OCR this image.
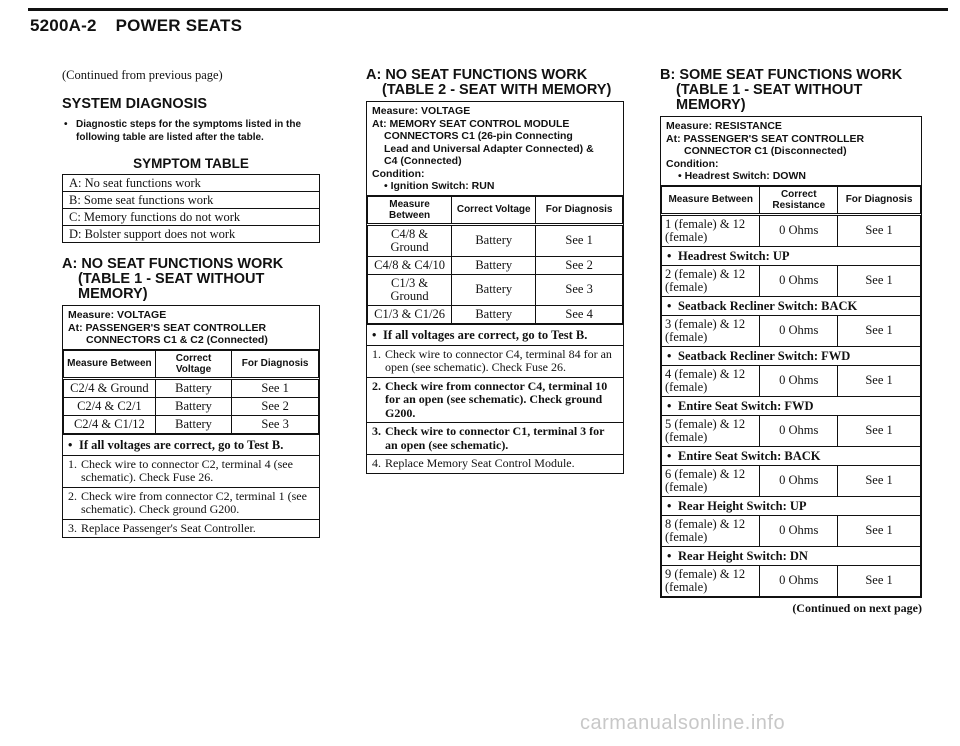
5200A-2 POWER SEATS
(Continued from previous page)
SYSTEM DIAGNOSIS
• Diagnostic steps for the symptoms listed in the following table are listed after the table.
SYMPTOM TABLE
A: No seat functions work
B: Some seat functions work
C: Memory functions do not work
D: Bolster support does not work
A: NO SEAT FUNCTIONS WORK
(TABLE 1 - SEAT WITHOUT
MEMORY)
Measure: VOLTAGE
At: PASSENGER'S SEAT CONTROLLER
CONNECTORS C1 & C2 (Connected)
Measure Between	Correct Voltage	For Diagnosis
C2/4 & Ground	Battery	See 1
C2/4 & C2/1	Battery	See 2
C2/4 & C1/12	Battery	See 3
• If all voltages are correct, go to Test B.
1. Check wire to connector C2, terminal 4 (see schematic). Check Fuse 26.
2. Check wire from connector C2, terminal 1 (see schematic). Check ground G200.
3. Replace Passenger's Seat Controller.
A: NO SEAT FUNCTIONS WORK
(TABLE 2 - SEAT WITH MEMORY)
Measure: VOLTAGE
At: MEMORY SEAT CONTROL MODULE
CONNECTORS C1 (26-pin Connecting
Lead and Universal Adapter Connected) &
C4 (Connected)
Condition:
• Ignition Switch: RUN
Measure Between	Correct Voltage	For Diagnosis
C4/8 & Ground	Battery	See 1
C4/8 & C4/10	Battery	See 2
C1/3 & Ground	Battery	See 3
C1/3 & C1/26	Battery	See 4
• If all voltages are correct, go to Test B.
1. Check wire to connector C4, terminal 84 for an open (see schematic). Check Fuse 26.
2. Check wire from connector C4, terminal 10 for an open (see schematic). Check ground G200.
3. Check wire to connector C1, terminal 3 for an open (see schematic).
4. Replace Memory Seat Control Module.
B: SOME SEAT FUNCTIONS WORK
(TABLE 1 - SEAT WITHOUT
MEMORY)
Measure: RESISTANCE
At: PASSENGER'S SEAT CONTROLLER
CONNECTOR C1 (Disconnected)
Condition:
• Headrest Switch: DOWN
Measure Between	Correct Resistance	For Diagnosis
1 (female) & 12 (female)	0 Ohms	See 1
• Headrest Switch: UP
2 (female) & 12 (female)	0 Ohms	See 1
• Seatback Recliner Switch: BACK
3 (female) & 12 (female)	0 Ohms	See 1
• Seatback Recliner Switch: FWD
4 (female) & 12 (female)	0 Ohms	See 1
• Entire Seat Switch: FWD
5 (female) & 12 (female)	0 Ohms	See 1
• Entire Seat Switch: BACK
6 (female) & 12 (female)	0 Ohms	See 1
• Rear Height Switch: UP
8 (female) & 12 (female)	0 Ohms	See 1
• Rear Height Switch: DN
9 (female) & 12 (female)	0 Ohms	See 1
(Continued on next page)
carmanualsonline.info
